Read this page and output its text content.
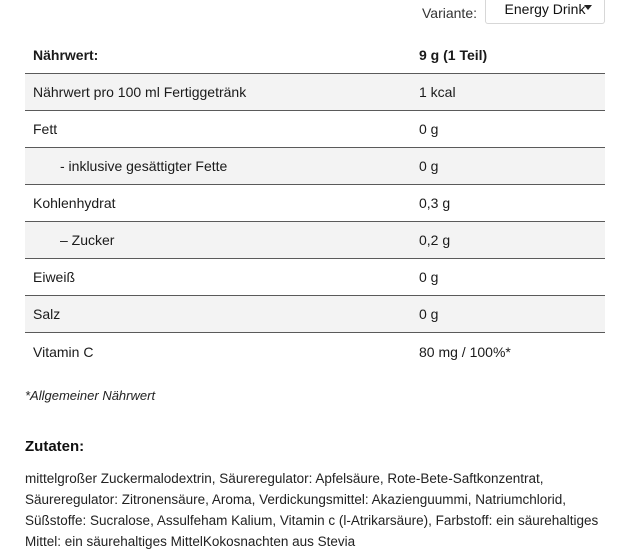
Variante: Energy Drink
Nährwert:	9 g (1 Teil)
Nährwert pro 100 ml Fertiggetränk	1 kcal
Fett	0 g
- inklusive gesättigter Fette	0 g
Kohlenhydrat	0,3 g
– Zucker	0,2 g
Eiweiß	0 g
Salz	0 g
Vitamin C	80 mg / 100%*
*Allgemeiner Nährwert
Zutaten:
mittelgroßer Zuckermalodextrin, Säureregulator: Apfelsäure, Rote-Bete-Saftkonzentrat, Säureregulator: Zitronensäure, Aroma, Verdickungsmittel: Akazienguummi, Natriumchlorid, Süßstoffe: Sucralose, Assulfeham Kalium, Vitamin c (l-Atrikarsäure), Farbstoff: ein säurehaltiges Mittel: ein säurehaltiges MittelKokosnachten aus Stevia
